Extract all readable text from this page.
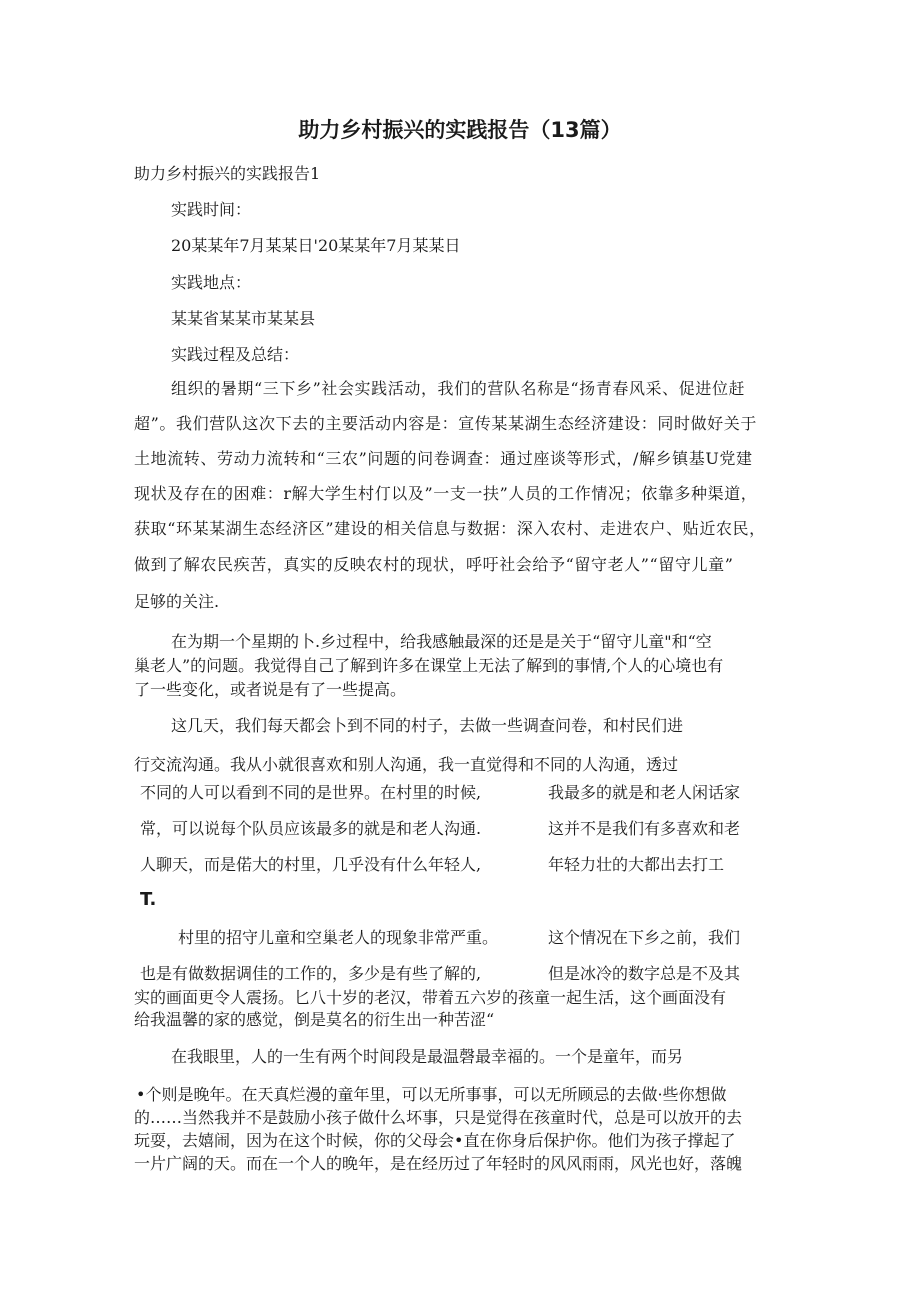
助力乡村振兴的实践报告（13篇）
助力乡村振兴的实践报告1
实践时间：
20某某年7月某某日'20某某年7月某某日
实践地点：
某某省某某市某某县
实践过程及总结：
组织的暑期“三下乡”社会实践活动，我们的营队名称是“扬青春风采、促进位赶
超”。我们营队这次下去的主要活动内容是：宣传某某湖生态经济建设：同时做好关于
土地流转、劳动力流转和“三农”问题的问卷调查：通过座谈等形式，/解乡镇基U党建
现状及存在的困难：r解大学生村仃以及”一支一扶”人员的工作情况；依靠多种渠道，
获取“环某某湖生态经济区”建设的相关信息与数据：深入农村、走进农户、贴近农民，
做到了解农民疾苦，真实的反映农村的现状，呼吁社会给予“留守老人”“留守儿童”
足够的关注.
在为期一个星期的卜.乡过程中，给我感触最深的还是是关于“留守儿童"和“空
巢老人”的问题。我觉得自己了解到许多在课堂上无法了解到的事情,个人的心境也有
了一些变化，或者说是有了一些提高。
这几天，我们每天都会卜到不同的村子，去做一些调查问卷，和村民们进
行交流沟通。我从小就很喜欢和别人沟通，我一直觉得和不同的人沟通，透过
不同的人可以看到不同的是世界。在村里的时候,	我最多的就是和老人闲话家
常，可以说每个队员应该最多的就是和老人沟通.	这并不是我们有多喜欢和老
人聊天，而是偌大的村里，几乎没有什么年轻人,	年轻力壮的大都出去打工
T.
村里的招守儿童和空巢老人的现象非常严重。	这个情况在下乡之前，我们
也是有做数据调佳的工作的，多少是有些了解的,	但是冰冷的数字总是不及其
实的画面更令人震扬。匕八十岁的老汉，带着五六岁的孩童一起生活，这个画面没有
给我温馨的家的感觉，倒是莫名的衍生出一种苦涩“
在我眼里，人的一生有两个时间段是最温磬最幸福的。一个是童年，而另
•个则是晚年。在天真烂漫的童年里，可以无所事事，可以无所顾忌的去做·些你想做
的……当然我并不是鼓励小孩子做什么坏事，只是觉得在孩童时代，总是可以放开的去
玩耍，去嬉闹，因为在这个时候，你的父母会•直在你身后保护你。他们为孩子撑起了
一片广阔的天。而在一个人的晚年，是在经历过了年轻时的风风雨雨，风光也好，落魄
